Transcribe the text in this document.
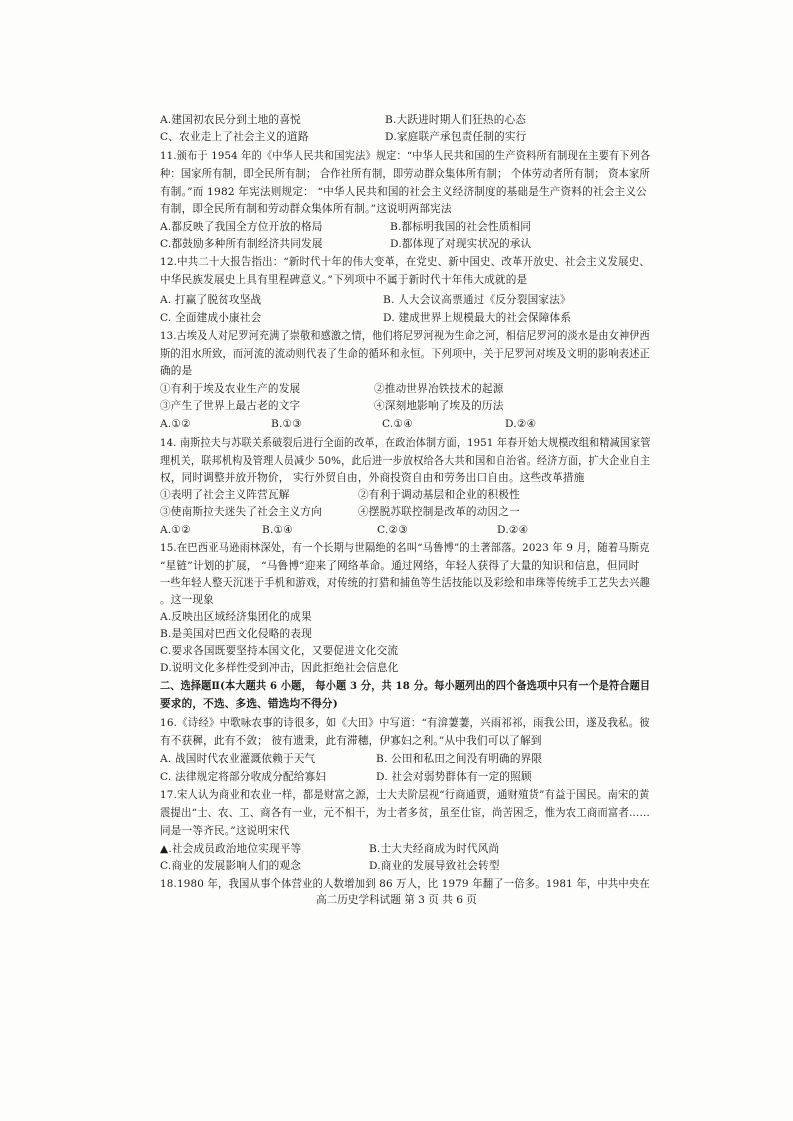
A.建国初农民分到土地的喜悦	B.大跃进时期人们狂热的心态
C、农业走上了社会主义的道路	D.家庭联产承包责任制的实行
11.颁布于 1954 年的《中华人民共和国宪法》规定：“中华人民共和国的生产资料所有制现在主要有下列各
种：国家所有制，即全民所有制； 合作社所有制，即劳动群众集体所有制； 个体劳动者所有制； 资本家所
有制。”而 1982 年宪法则规定： “中华人民共和国的社会主义经济制度的基础是生产资料的社会主义公
有制，即全民所有制和劳动群众集体所有制。”这说明两部宪法
A.都反映了我国全方位开放的格局	B.都标明我国的社会性质相同
C.都鼓励多种所有制经济共同发展	D.都体现了对现实状况的承认
12.中共二十大报告指出：“新时代十年的伟大变革，在党史、新中国史、改革开放史、社会主义发展史、
中华民族发展史上具有里程碑意义。”下列项中不属于新时代十年伟大成就的是
A. 打赢了脱贫攻坚战	B. 人大会议高票通过《反分裂国家法》
C. 全面建成小康社会	D. 建成世界上规模最大的社会保障体系
13.古埃及人对尼罗河充满了崇敬和感激之情，他们将尼罗河视为生命之河，相信尼罗河的淡水是由女神伊西
斯的泪水所致，而河流的流动则代表了生命的循环和永恒。下列项中，关于尼罗河对埃及文明的影响表述正
确的是
①有利于埃及农业生产的发展	②推动世界冶铁技术的起源
③产生了世界上最古老的文字	④深刻地影响了埃及的历法
A.①②	B.①③	C.①④	D.②④
14. 南斯拉夫与苏联关系破裂后进行全面的改革，在政治体制方面，1951 年春开始大规模改组和精减国家管
理机关，联邦机构及管理人员减少 50%，此后进一步放权给各大共和国和自治省。经济方面，扩大企业自主
权，同时调整并放开物价， 实行外贸自由，外商投资自由和劳务出口自由。这些改革措施
①表明了社会主义阵营瓦解	②有利于调动基层和企业的积极性
③使南斯拉夫迷失了社会主义方向	④摆脱苏联控制是改革的动因之一
A.①②	B.①④	C.②③	D.②④
15.在巴西亚马逊雨林深处，有一个长期与世隔绝的名叫“马鲁博”的土著部落。2023 年 9 月，随着马斯克
“星链”计划的扩展， “马鲁博”迎来了网络革命。通过网络，年轻人获得了大量的知识和信息，但同时
一些年轻人整天沉迷于手机和游戏，对传统的打猎和捕鱼等生活技能以及彩绘和串珠等传统手工艺失去兴趣
。这一现象
A.反映出区域经济集团化的成果
B.是美国对巴西文化侵略的表现
C.要求各国既要坚持本国文化，又要促进文化交流
D.说明文化多样性受到冲击，因此拒绝社会信息化
二、选择题Ⅱ(本大题共 6 小题， 每小题 3 分，共 18 分。每小题列出的四个备选项中只有一个是符合题目
要求的，不选、多选、错选均不得分)
16.《诗经》中歌咏农事的诗很多，如《大田》中写道：“有渰萋萋，兴雨祁祁，雨我公田，遂及我私。彼
有不获穉，此有不敛； 彼有遗秉，此有滞穗，伊寡妇之利。”从中我们可以了解到
A. 战国时代农业灌溉依赖于天气	B. 公田和私田之间没有明确的界限
C. 法律规定将部分收成分配给寡妇	D. 社会对弱势群体有一定的照顾
17.宋人认为商业和农业一样，都是财富之源，士大夫阶层视“行商通贾，通财殖货”有益于国民。南宋的黄
震提出“士、农、工、商各有一业，元不相干，为士者多贫，虽至仕宦，尚苦困乏，惟为农工商而富者……
同是一等齐民。”这说明宋代
▲.社会成员政治地位实现平等	B.士大夫经商成为时代风尚
C.商业的发展影响人们的观念	D.商业的发展导致社会转型
18.1980 年，我国从事个体营业的人数增加到 86 万人，比 1979 年翻了一倍多。1981 年，中共中央在
高二历史学科试题 第 3 页 共 6 页
